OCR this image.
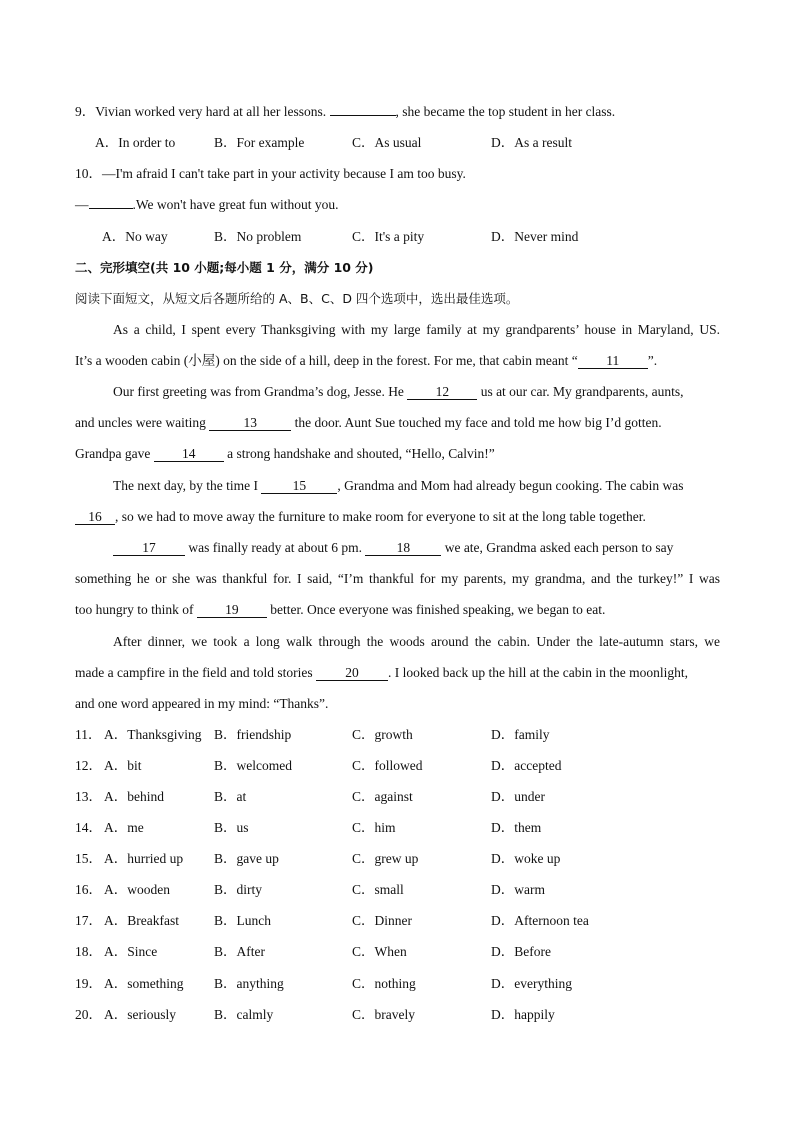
9．Vivian worked very hard at all her lessons.	, she became the top student in her class.
A．In order to	B．For example	C．As usual	D．As a result
10．—I'm afraid I can't take part in your activity because I am too busy.
—	.We won't have great fun without you.
A．No way	B．No problem	C．It's a pity	D．Never mind
二、完形填空(共 10 小题;每小题 1 分，满分 10 分)
阅读下面短文，从短文后各题所给的 A、B、C、D 四个选项中，选出最佳选项。
As a child, I spent every Thanksgiving with my large family at my grandparents’ house in Maryland, US.
It’s a wooden cabin (小屋) on the side of a hill, deep in the forest. For me, that cabin meant “ 11 ”.
Our first greeting was from Grandma’s dog, Jesse. He 12 us at our car. My grandparents, aunts,
and uncles were waiting	13	the door. Aunt Sue touched my face and told me how big I’d gotten.
Grandpa gave 14 a strong handshake and shouted, “Hello, Calvin!”
The next day, by the time I 15 , Grandma and Mom had already begun cooking. The cabin was
16 , so we had to move away the furniture to make room for everyone to sit at the long table together.
17 was finally ready at about 6 pm. 18 we ate, Grandma asked each person to say
something he or she was thankful for. I said, “I’m thankful for my parents, my grandma, and the turkey!” I was
too hungry to think of 19 better. Once everyone was finished speaking, we began to eat.
After dinner, we took a long walk through the woods around the cabin. Under the late-autumn stars, we
made a campfire in the field and told stories 20 . I looked back up the hill at the cabin in the moonlight,
and one word appeared in my mind: “Thanks”.
11． A．Thanksgiving B．friendship	C．growth	D．family
12． A．bit	B．welcomed	C．followed	D．accepted
13． A．behind	B．at	C．against	D．under
14． A．me	B．us	C．him	D．them
15． A．hurried up B．gave up	C．grew up	D．woke up
16． A．wooden	B．dirty	C．small	D．warm
17． A．Breakfast	B．Lunch	C．Dinner	D．Afternoon tea
18． A．Since	B．After	C．When	D．Before
19． A．something B．anything	C．nothing	D．everything
20． A．seriously	B．calmly	C．bravely	D．happily
